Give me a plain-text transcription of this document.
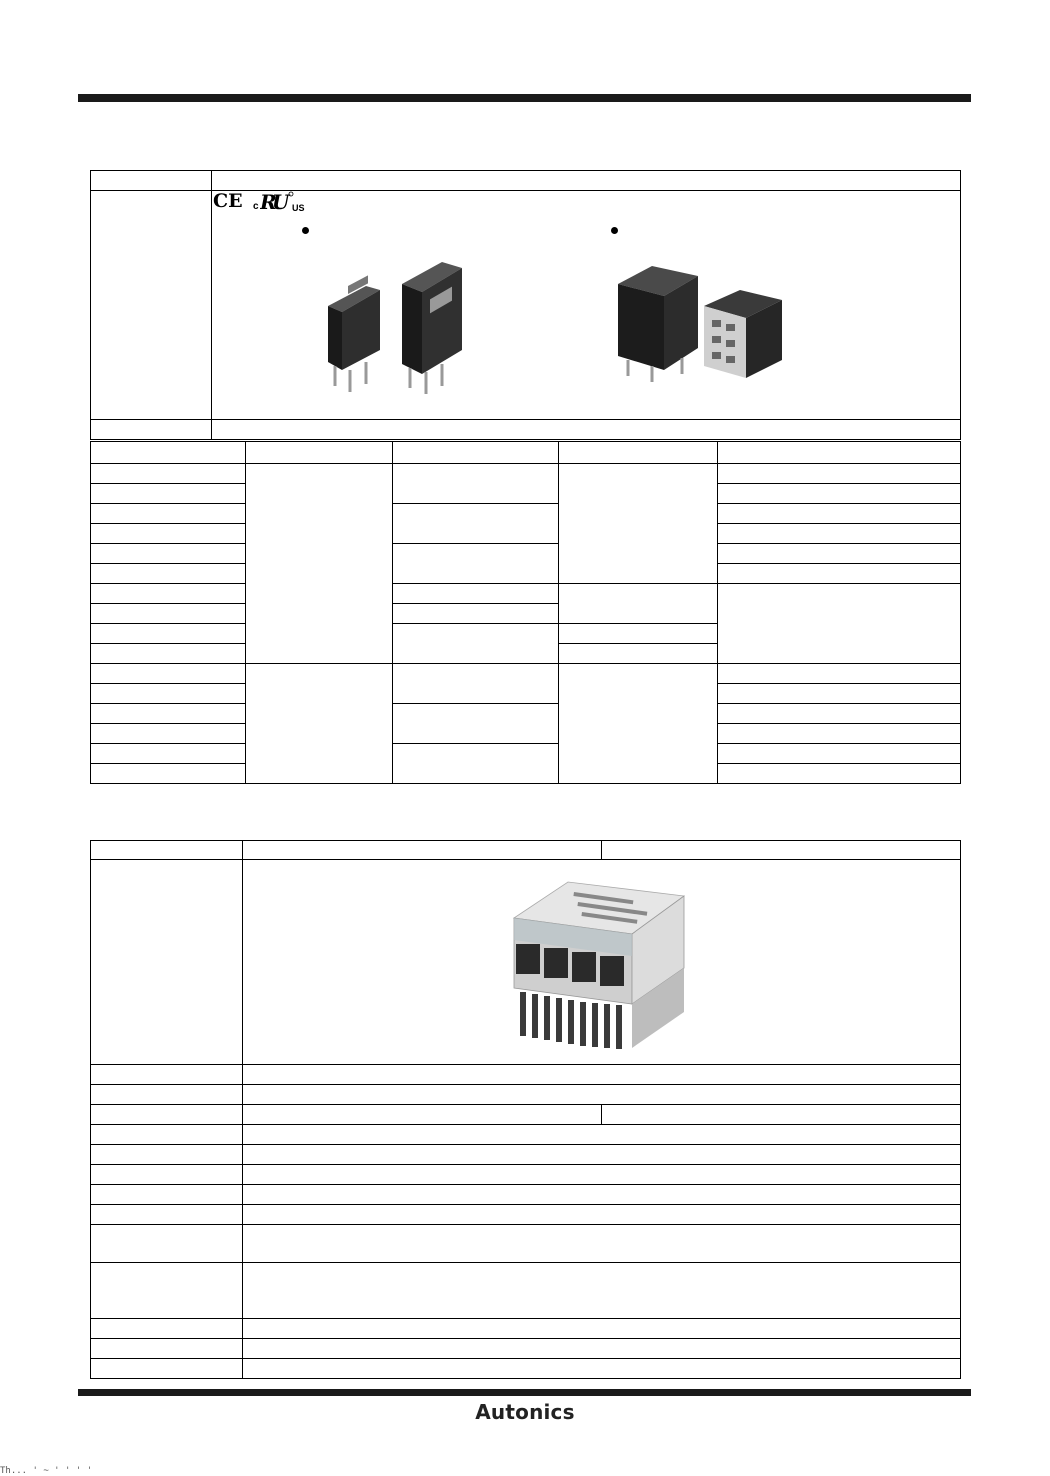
CE c R
U US

Autonics
Th... ' ~ ' ' ' '
